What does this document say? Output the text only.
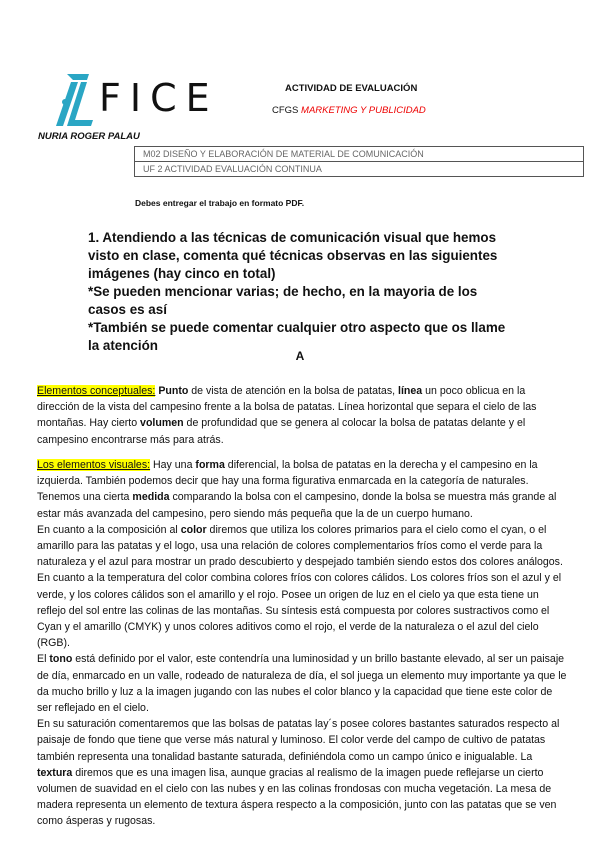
FICE	ACTIVIDAD DE EVALUACIÓN
CFGS MARKETING Y PUBLICIDAD
NURIA ROGER PALAU
M02 DISEÑO Y ELABORACIÓN DE MATERIAL DE COMUNICACIÓN
UF 2 ACTIVIDAD EVALUACIÓN CONTINUA
Debes entregar el trabajo en formato PDF.
1. Atendiendo a las técnicas de comunicación visual que hemos visto en clase, comenta qué técnicas observas en las siguientes imágenes (hay cinco en total)
*Se pueden mencionar varias; de hecho, en la mayoria de los casos es así
*También se puede comentar cualquier otro aspecto que os llame la atención
A
Elementos conceptuales: Punto de vista de atención en la bolsa de patatas, línea un poco oblicua en la dirección de la vista del campesino frente a la bolsa de patatas. Línea horizontal que separa el cielo de las montañas. Hay cierto volumen de profundidad que se genera al colocar la bolsa de patatas delante y el campesino encontrarse más para atrás.
Los elementos visuales: Hay una forma diferencial, la bolsa de patatas en la derecha y el campesino en la izquierda. También podemos decir que hay una forma figurativa enmarcada en la categoría de naturales. Tenemos una cierta medida comparando la bolsa con el campesino, donde la bolsa se muestra más grande al estar más avanzada del campesino, pero siendo más pequeña que la de un cuerpo humano.
En cuanto a la composición al color diremos que utiliza los colores primarios para el cielo como el cyan, o el amarillo para las patatas y el logo, usa una relación de colores complementarios fríos como el verde para la naturaleza y el azul para mostrar un prado descubierto y despejado también siendo estos dos colores análogos. En cuanto a la temperatura del color combina colores fríos con colores cálidos. Los colores fríos son el azul y el verde, y los colores cálidos son el amarillo y el rojo. Posee un origen de luz en el cielo ya que esta tiene un reflejo del sol entre las colinas de las montañas. Su síntesis está compuesta por colores sustractivos como el Cyan y el amarillo (CMYK) y unos colores aditivos como el rojo, el verde de la naturaleza o el azul del cielo (RGB).
El tono está definido por el valor, este contendría una luminosidad y un brillo bastante elevado, al ser un paisaje de día, enmarcado en un valle, rodeado de naturaleza de día, el sol juega un elemento muy importante ya que le da mucho brillo y luz a la imagen jugando con las nubes el color blanco y la capacidad que tiene este color de ser reflejado en el cielo.
En su saturación comentaremos que las bolsas de patatas lay´s posee colores bastantes saturados respecto al paisaje de fondo que tiene que verse más natural y luminoso. El color verde del campo de cultivo de patatas también representa una tonalidad bastante saturada, definiéndola como un campo único e inigualable. La textura diremos que es una imagen lisa, aunque gracias al realismo de la imagen puede reflejarse un cierto volumen de suavidad en el cielo con las nubes y en las colinas frondosas con mucha vegetación. La mesa de madera representa un elemento de textura áspera respecto a la composición, junto con las patatas que se ven como ásperas y rugosas.
